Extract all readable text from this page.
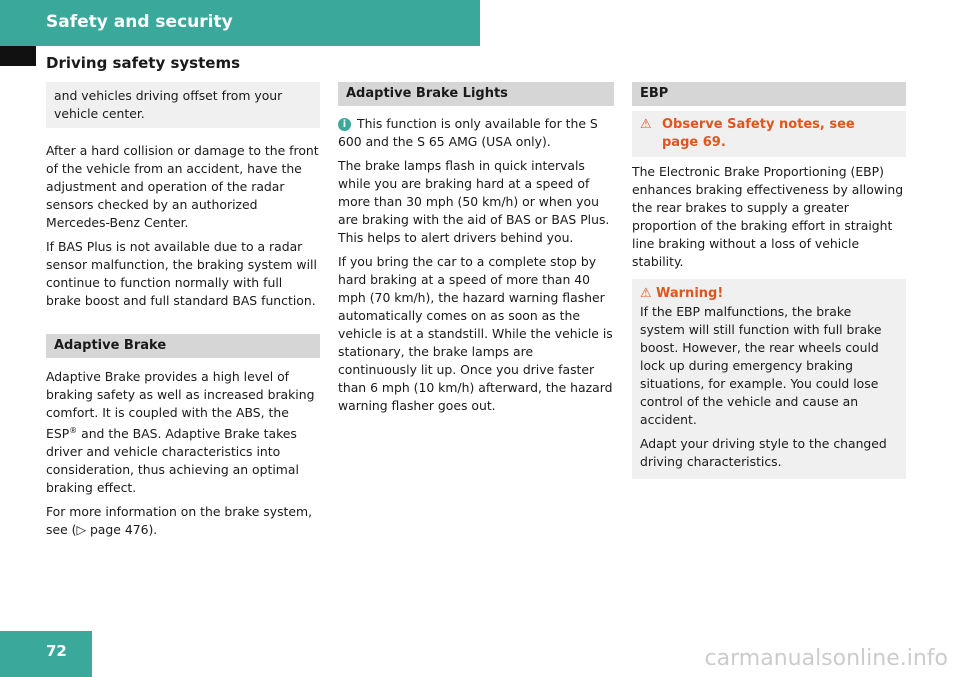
Safety and security
Driving safety systems
and vehicles driving offset from your vehicle center.

After a hard collision or damage to the front of the vehicle from an accident, have the adjustment and operation of the radar sensors checked by an authorized Mercedes-Benz Center.

If BAS Plus is not available due to a radar sensor malfunction, the braking system will continue to function normally with full brake boost and full standard BAS function.

Adaptive Brake

Adaptive Brake provides a high level of braking safety as well as increased braking comfort. It is coupled with the ABS, the ESP® and the BAS. Adaptive Brake takes driver and vehicle characteristics into consideration, thus achieving an optimal braking effect.

For more information on the brake system, see (▷ page 476).

Adaptive Brake Lights

i This function is only available for the S 600 and the S 65 AMG (USA only).

The brake lamps flash in quick intervals while you are braking hard at a speed of more than 30 mph (50 km/h) or when you are braking with the aid of BAS or BAS Plus. This helps to alert drivers behind you.

If you bring the car to a complete stop by hard braking at a speed of more than 40 mph (70 km/h), the hazard warning flasher automatically comes on as soon as the vehicle is at a standstill. While the vehicle is stationary, the brake lamps are continuously lit up. Once you drive faster than 6 mph (10 km/h) afterward, the hazard warning flasher goes out.

EBP
⚠ Observe Safety notes, see page 69.

The Electronic Brake Proportioning (EBP) enhances braking effectiveness by allowing the rear brakes to supply a greater proportion of the braking effort in straight line braking without a loss of vehicle stability.

⚠ Warning!

If the EBP malfunctions, the brake system will still function with full brake boost. However, the rear wheels could lock up during emergency braking situations, for example. You could lose control of the vehicle and cause an accident.

Adapt your driving style to the changed driving characteristics.

72	carmanualsonline.info
